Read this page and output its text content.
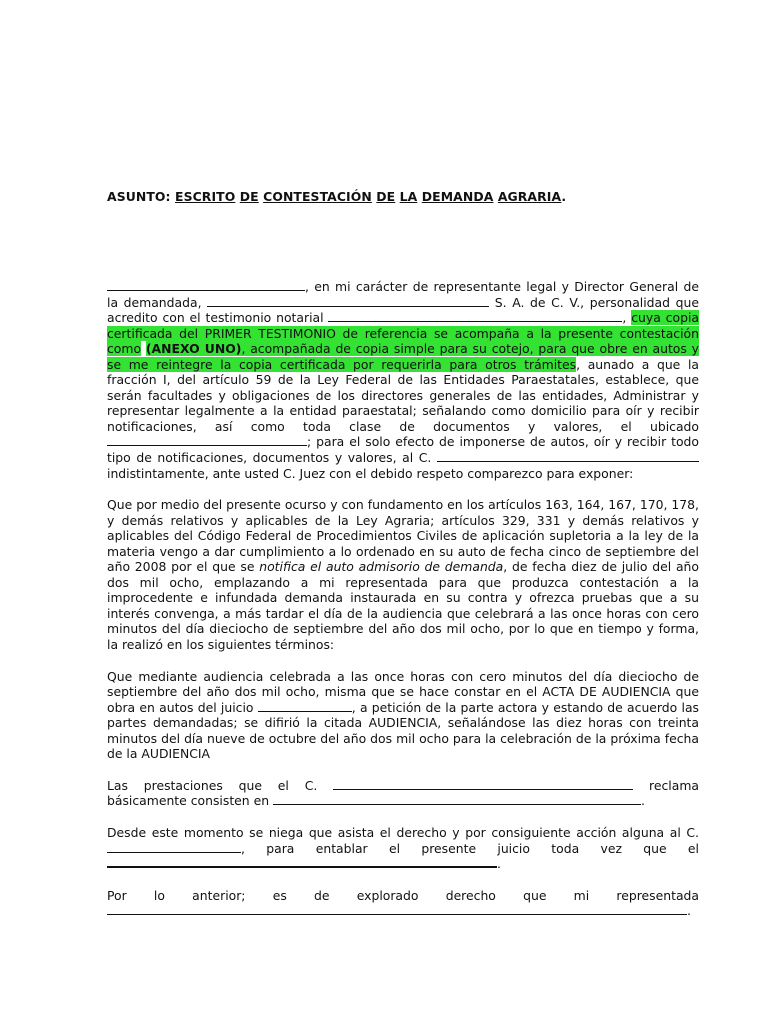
ASUNTO: ESCRITO DE CONTESTACIÓN DE LA DEMANDA AGRARIA.

, en mi carácter de representante legal y Director General de la demandada,	S. A. de C. V., personalidad que acredito con el testimonio notarial	, cuya copia certificada del PRIMER TESTIMONIO de referencia se acompaña a la presente contestación como (ANEXO UNO), acompañada de copia simple para su cotejo, para que obre en autos y se me reintegre la copia certificada por requerirla para otros trámites, aunado a que la fracción I, del artículo 59 de la Ley Federal de las Entidades Paraestatales, establece, que serán facultades y obligaciones de los directores generales de las entidades, Administrar y representar legalmente a la entidad paraestatal; señalando como domicilio para oír y recibir notificaciones, así como toda clase de documentos y valores, el ubicado ; para el solo efecto de imponerse de autos, oír y recibir todo tipo de notificaciones, documentos y valores, al C.  indistintamente, ante usted C. Juez con el debido respeto comparezco para exponer:

Que por medio del presente ocurso y con fundamento en los artículos 163, 164, 167, 170, 178, y demás relativos y aplicables de la Ley Agraria; artículos 329, 331 y demás relativos y aplicables del Código Federal de Procedimientos Civiles de aplicación supletoria a la ley de la materia vengo a dar cumplimiento a lo ordenado en su auto de fecha cinco de septiembre del año 2008 por el que se notifica el auto admisorio de demanda, de fecha diez de julio del año dos mil ocho, emplazando a mi representada para que produzca contestación a la improcedente e infundada demanda instaurada en su contra y ofrezca pruebas que a su interés convenga, a más tardar el día de la audiencia que celebrará a las once horas con cero minutos del día dieciocho de septiembre del año dos mil ocho, por lo que en tiempo y forma, la realizó en los siguientes términos:

Que mediante audiencia celebrada a las once horas con cero minutos del día dieciocho de septiembre del año dos mil ocho, misma que se hace constar en el ACTA DE AUDIENCIA que obra en autos del juicio	, a petición de la parte actora y estando de acuerdo las partes demandadas; se difirió la citada AUDIENCIA, señalándose las diez horas con treinta minutos del día nueve de octubre del año dos mil ocho para la celebración de la próxima fecha de la AUDIENCIA

Las prestaciones que el C.	reclama básicamente consisten en	.

Desde este momento se niega que asista el derecho y por consiguiente acción alguna al C. , para entablar el presente juicio toda vez que el .

Por lo anterior; es de explorado derecho que mi representada .
